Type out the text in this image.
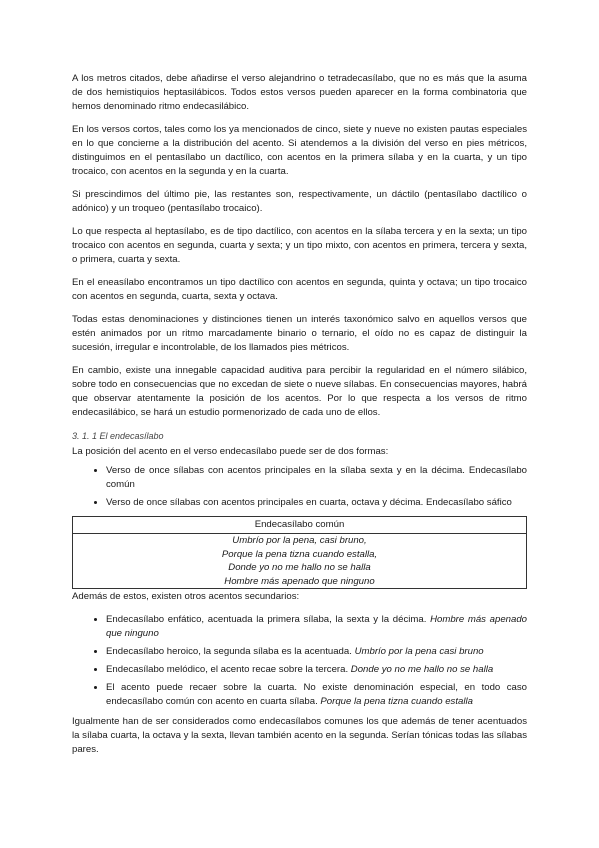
A los metros citados, debe añadirse el verso alejandrino o tetradecasílabo, que no es más que la asuma de dos hemistiquios heptasilábicos. Todos estos versos pueden aparecer en la forma combinatoria que hemos denominado ritmo endecasilábico.

En los versos cortos, tales como los ya mencionados de cinco, siete y nueve no existen pautas especiales en lo que concierne a la distribución del acento. Si atendemos a la división del verso en pies métricos, distinguimos en el pentasílabo un dactílico, con acentos en la primera sílaba y en la cuarta, y un tipo trocaico, con acentos en la segunda y en la cuarta.

Si prescindimos del último pie, las restantes son, respectivamente, un dáctilo (pentasílabo dactílico o adónico) y un troqueo (pentasílabo trocaico).

Lo que respecta al heptasílabo, es de tipo dactílico, con acentos en la sílaba tercera y en la sexta; un tipo trocaico con acentos en segunda, cuarta y sexta; y un tipo mixto, con acentos en primera, tercera y sexta, o primera, cuarta y sexta.

En el eneasílabo encontramos un tipo dactílico con acentos en segunda, quinta y octava; un tipo trocaico con acentos en segunda, cuarta, sexta y octava.

Todas estas denominaciones y distinciones tienen un interés taxonómico salvo en aquellos versos que estén animados por un ritmo marcadamente binario o ternario, el oído no es capaz de distinguir la sucesión, irregular e incontrolable, de los llamados pies métricos.

En cambio, existe una innegable capacidad auditiva para percibir la regularidad en el número silábico, sobre todo en consecuencias que no excedan de siete o nueve sílabas. En consecuencias mayores, habrá que observar atentamente la posición de los acentos. Por lo que respecta a los versos de ritmo endecasilábico, se hará un estudio pormenorizado de cada uno de ellos.

3. 1. 1 El endecasílabo

La posición del acento en el verso endecasílabo puede ser de dos formas:

• Verso de once sílabas con acentos principales en la sílaba sexta y en la décima. Endecasílabo común
• Verso de once sílabas con acentos principales en cuarta, octava y décima. Endecasílabo sáfico
Endecasílabo común
Umbrío por la pena, casi bruno,
Porque la pena tizna cuando estalla,
Donde yo no me hallo no se halla
Hombre más apenado que ninguno

Además de estos, existen otros acentos secundarios:

• Endecasílabo enfático, acentuada la primera sílaba, la sexta y la décima. Hombre más apenado que ninguno
• Endecasílabo heroico, la segunda sílaba es la acentuada. Umbrío por la pena casi bruno
• Endecasílabo melódico, el acento recae sobre la tercera. Donde yo no me hallo no se halla
• El acento puede recaer sobre la cuarta. No existe denominación especial, en todo caso endecasílabo común con acento en cuarta sílaba. Porque la pena tizna cuando estalla

Igualmente han de ser considerados como endecasílabos comunes los que además de tener acentuados la sílaba cuarta, la octava y la sexta, llevan también acento en la segunda. Serían tónicas todas las sílabas pares.
